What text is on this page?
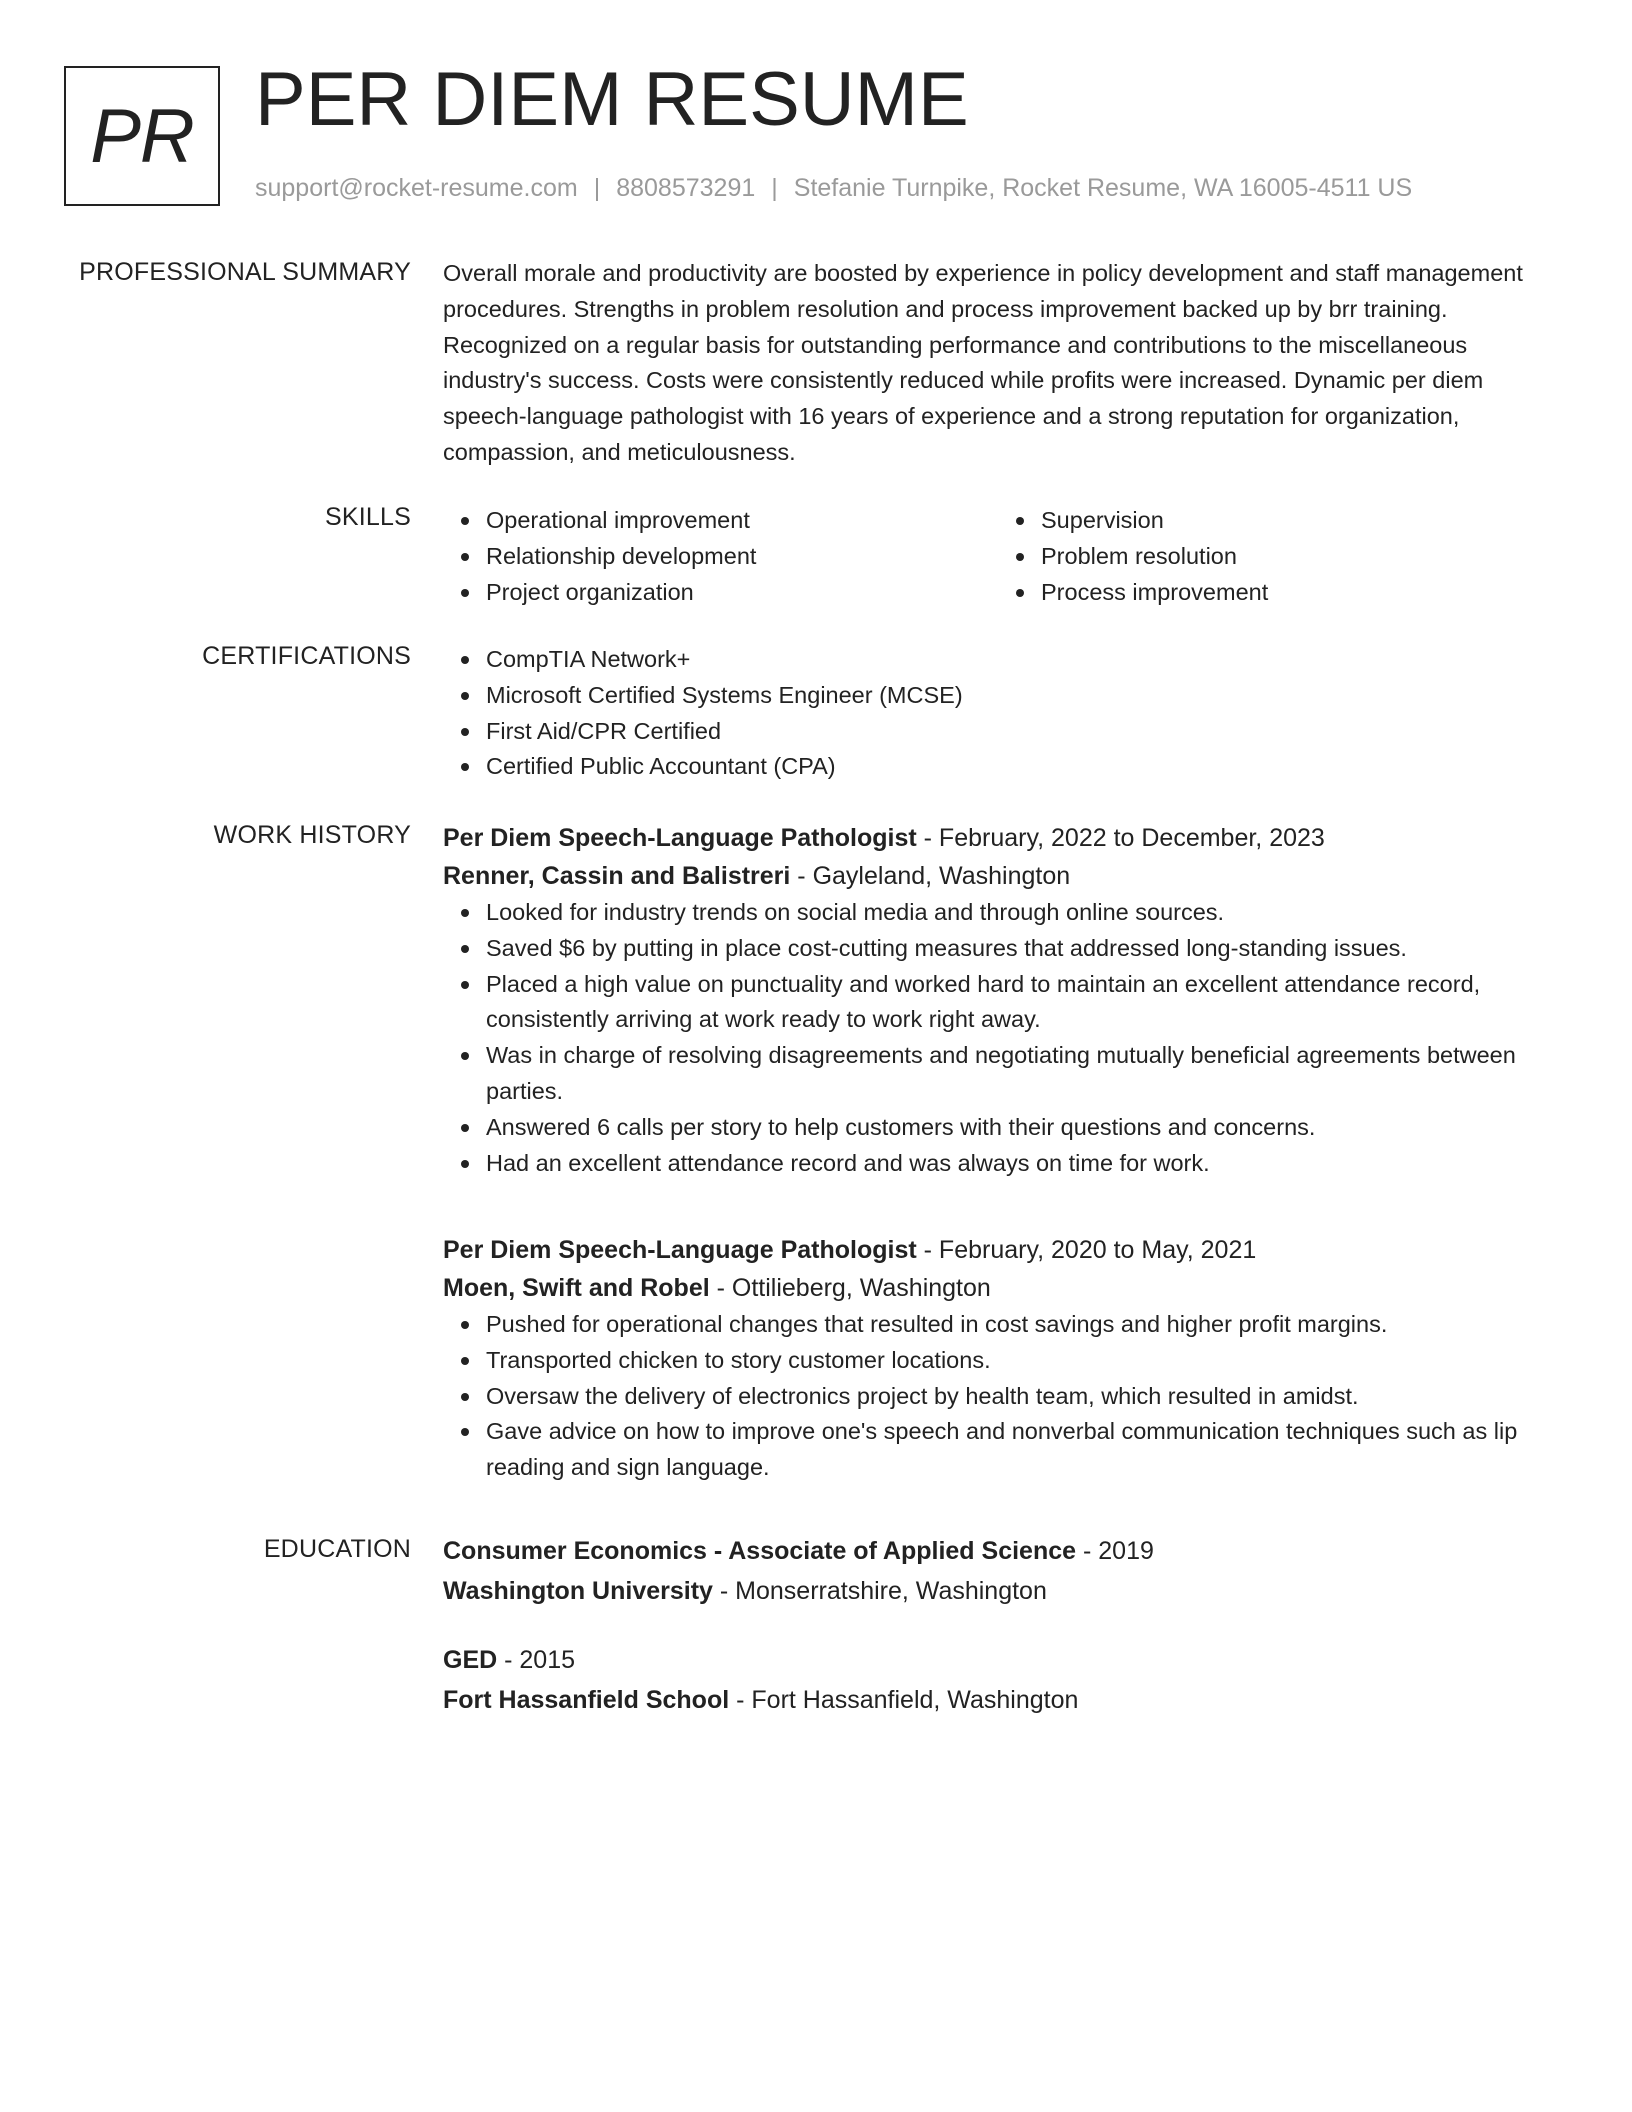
PR PER DIEM RESUME
support@rocket-resume.com | 8808573291 | Stefanie Turnpike, Rocket Resume, WA 16005-4511 US
PROFESSIONAL SUMMARY Overall morale and productivity are boosted by experience in policy development and staff management procedures. Strengths in problem resolution and process improvement backed up by brr training. Recognized on a regular basis for outstanding performance and contributions to the miscellaneous industry's success. Costs were consistently reduced while profits were increased. Dynamic per diem speech-language pathologist with 16 years of experience and a strong reputation for organization, compassion, and meticulousness.
SKILLS	Operational improvement
Relationship development
Project organization
Supervision
Problem resolution
Process improvement
CERTIFICATIONS	CompTIA Network+
Microsoft Certified Systems Engineer (MCSE)
First Aid/CPR Certified
Certified Public Accountant (CPA)
WORK HISTORY Per Diem Speech-Language Pathologist - February, 2022 to December, 2023
Renner, Cassin and Balistreri - Gayleland, Washington
Looked for industry trends on social media and through online sources.
Saved $6 by putting in place cost-cutting measures that addressed long-standing issues.
Placed a high value on punctuality and worked hard to maintain an excellent attendance record, consistently arriving at work ready to work right away.
Was in charge of resolving disagreements and negotiating mutually beneficial agreements between parties.
Answered 6 calls per story to help customers with their questions and concerns.
Had an excellent attendance record and was always on time for work.
Per Diem Speech-Language Pathologist - February, 2020 to May, 2021
Moen, Swift and Robel - Ottilieberg, Washington
Pushed for operational changes that resulted in cost savings and higher profit margins.
Transported chicken to story customer locations.
Oversaw the delivery of electronics project by health team, which resulted in amidst.
Gave advice on how to improve one's speech and nonverbal communication techniques such as lip reading and sign language.
EDUCATION Consumer Economics - Associate of Applied Science - 2019
Washington University - Monserratshire, Washington
GED - 2015
Fort Hassanfield School - Fort Hassanfield, Washington
